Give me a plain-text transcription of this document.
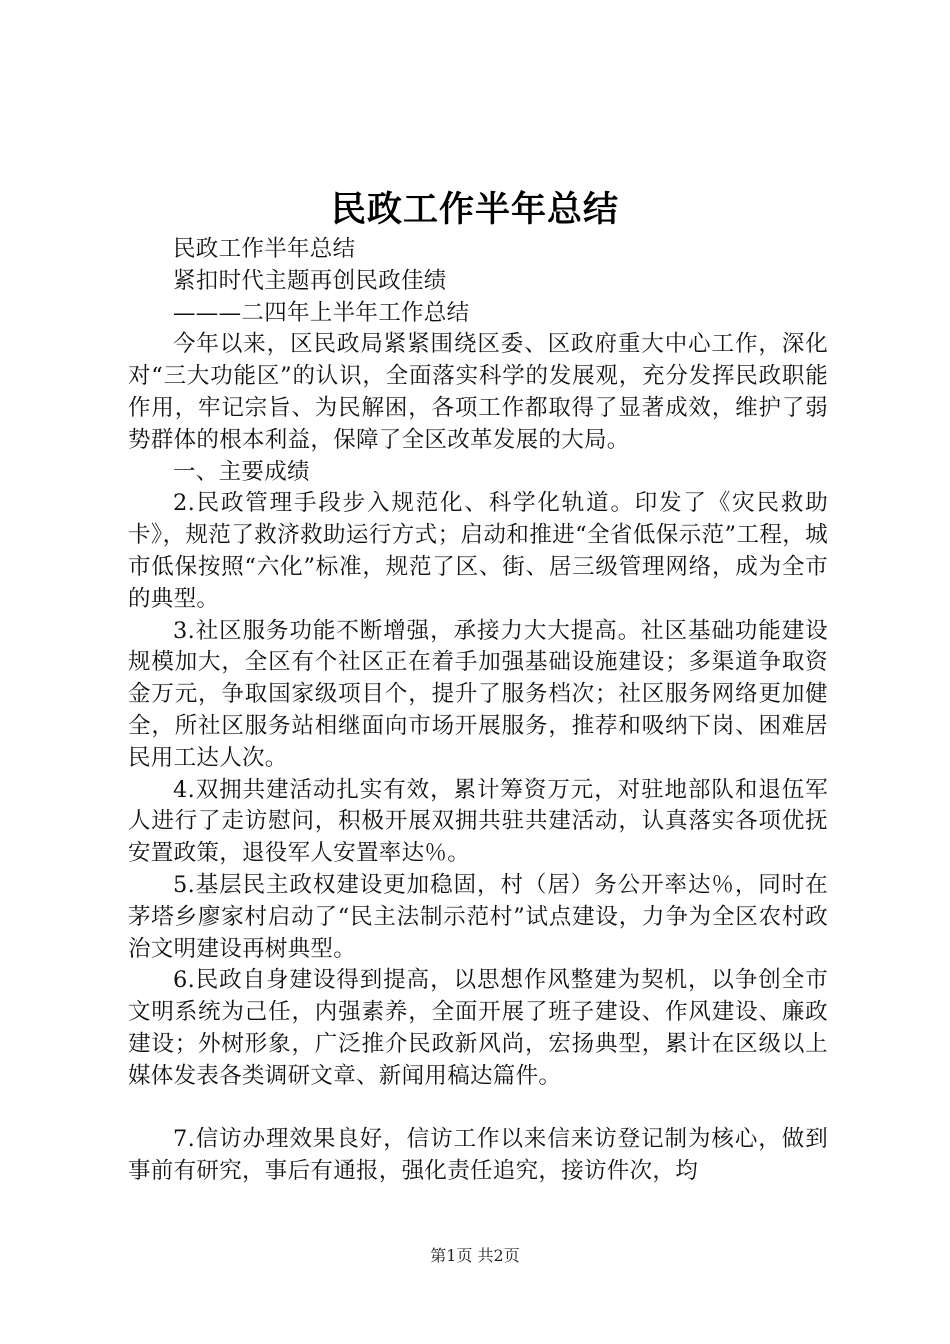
民政工作半年总结

民政工作半年总结

紧扣时代主题再创民政佳绩

———二四年上半年工作总结

今年以来，区民政局紧紧围绕区委、区政府重大中心工作，深化对“三大功能区”的认识，全面落实科学的发展观，充分发挥民政职能作用，牢记宗旨、为民解困，各项工作都取得了显著成效，维护了弱势群体的根本利益，保障了全区改革发展的大局。

一、主要成绩

2.民政管理手段步入规范化、科学化轨道。印发了《灾民救助卡》，规范了救济救助运行方式；启动和推进“全省低保示范”工程，城市低保按照“六化”标准，规范了区、街、居三级管理网络，成为全市的典型。

3.社区服务功能不断增强，承接力大大提高。社区基础功能建设规模加大，全区有个社区正在着手加强基础设施建设；多渠道争取资金万元，争取国家级项目个，提升了服务档次；社区服务网络更加健全，所社区服务站相继面向市场开展服务，推荐和吸纳下岗、困难居民用工达人次。

4.双拥共建活动扎实有效，累计筹资万元，对驻地部队和退伍军人进行了走访慰问，积极开展双拥共驻共建活动，认真落实各项优抚安置政策，退役军人安置率达％。

5.基层民主政权建设更加稳固，村（居）务公开率达％，同时在茅塔乡廖家村启动了“民主法制示范村”试点建设，力争为全区农村政治文明建设再树典型。

6.民政自身建设得到提高，以思想作风整建为契机，以争创全市文明系统为己任，内强素养，全面开展了班子建设、作风建设、廉政建设；外树形象，广泛推介民政新风尚，宏扬典型，累计在区级以上媒体发表各类调研文章、新闻用稿达篇件。

7.信访办理效果良好，信访工作以来信来访登记制为核心，做到事前有研究，事后有通报，强化责任追究，接访件次，均

第1页 共2页
